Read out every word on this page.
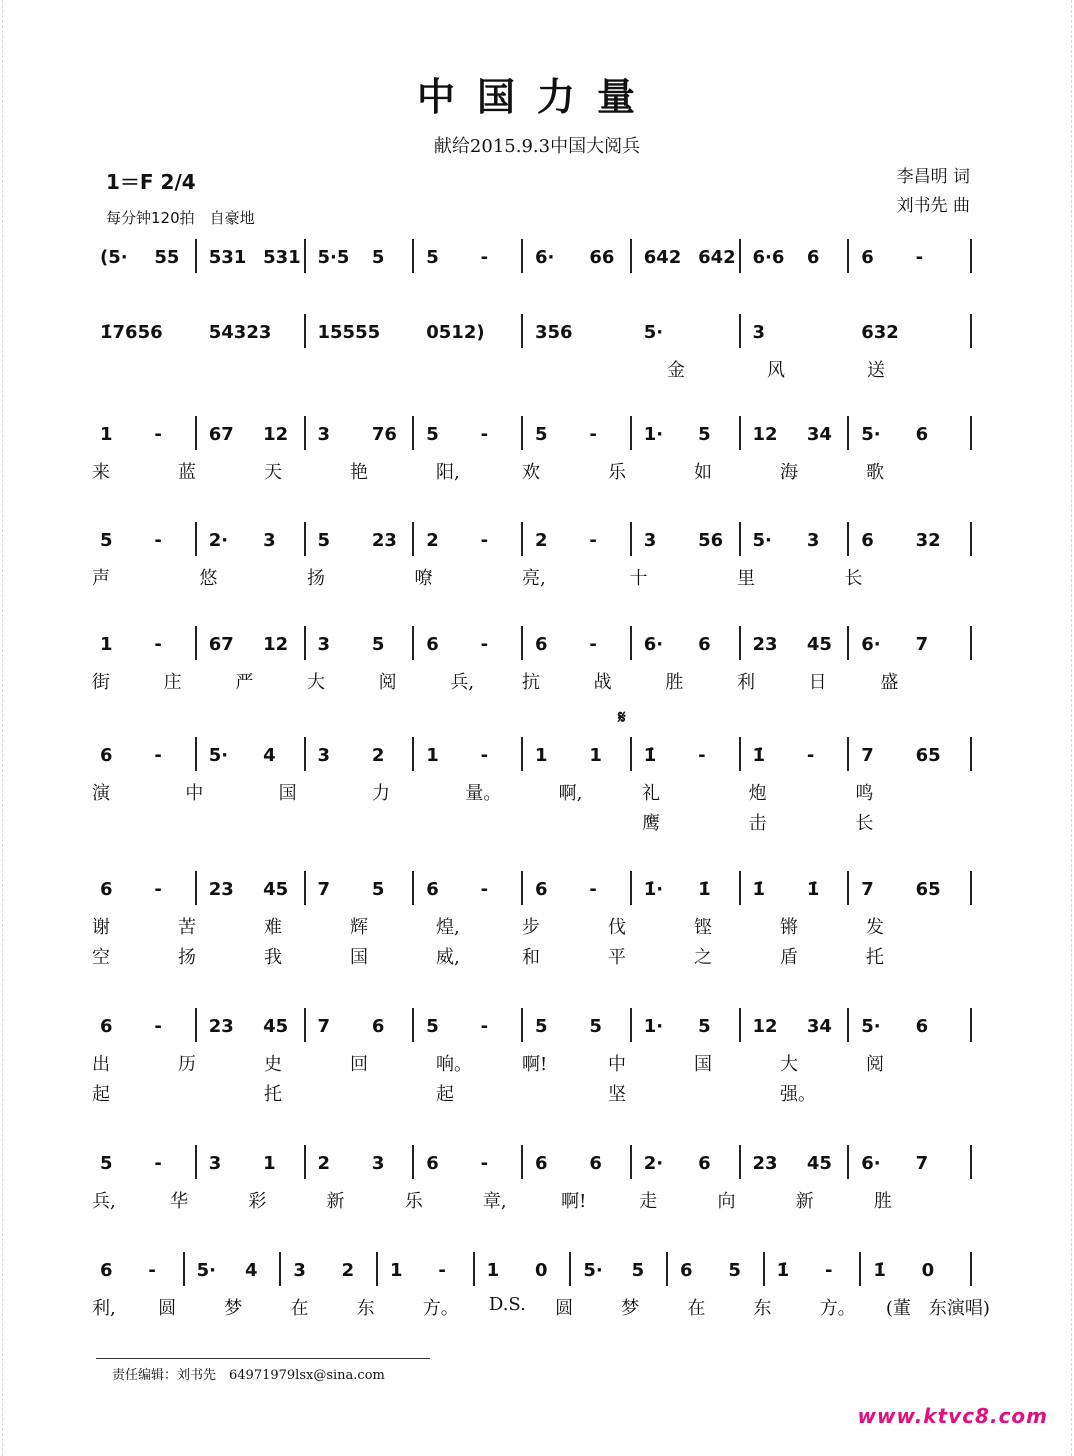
中国力量
献给2015.9.3中国大阅兵
1＝F 2/4
每分钟120拍　自豪地
李昌明 词
刘书先 曲
𝄋
(5· 55 531 531 5·5 5 5 -	6· 66 642 642 6·6 6 6 -
1̇7656	54323	15555	0512)	356	5·	3	632
金	风	送
1 -	67 12 3 76 5 -	5 -	1· 5 12 34 5· 6
来	蓝	天	艳	阳,	欢	乐	如	海	歌
5 -	2· 3 5 23 2 -	2 -	3 56 5· 3 6 32
声	悠	扬	嘹	亮,	十	里	长
1 -	67 12 3 5 6 -	6 -	6· 6 23 45 6· 7
街	庄	严	大	阅	兵,	抗	战	胜	利	日	盛
6 -	5· 4 3 2 1 -	1 1 1̇ -	1̇ -	7 65
演	中	国	力	量。	啊,	礼	炮	鸣
鹰	击	长
6 -	23 45 7 5 6 -	6 -	1̇· 1̇ 1̇ 1̇ 7 65
谢	苦	难	辉	煌,	步	伐	铿	锵	发
空	扬	我	国	威,	和	平	之	盾	托
6 -	23 45 7 6 5 -	5 5 1· 5 12 34 5· 6
出	历	史	回	响。	啊!	中	国	大	阅
起	托	起	坚	强。
5 -	3 1 2 3 6 -	6 6 2· 6 23 45 6· 7
兵,	华	彩	新	乐	章,	啊!	走	向	新	胜
6 - 5· 4 3 2 1 - 1 0 5· 5 6 5 1̇ - 1̇ 0
利, 圆	梦	在	东	方。 D.S. 圆	梦	在	东	方。 (董　东演唱)
责任编辑：刘书先　64971979lsx@sina.com
www.ktvc8.com
